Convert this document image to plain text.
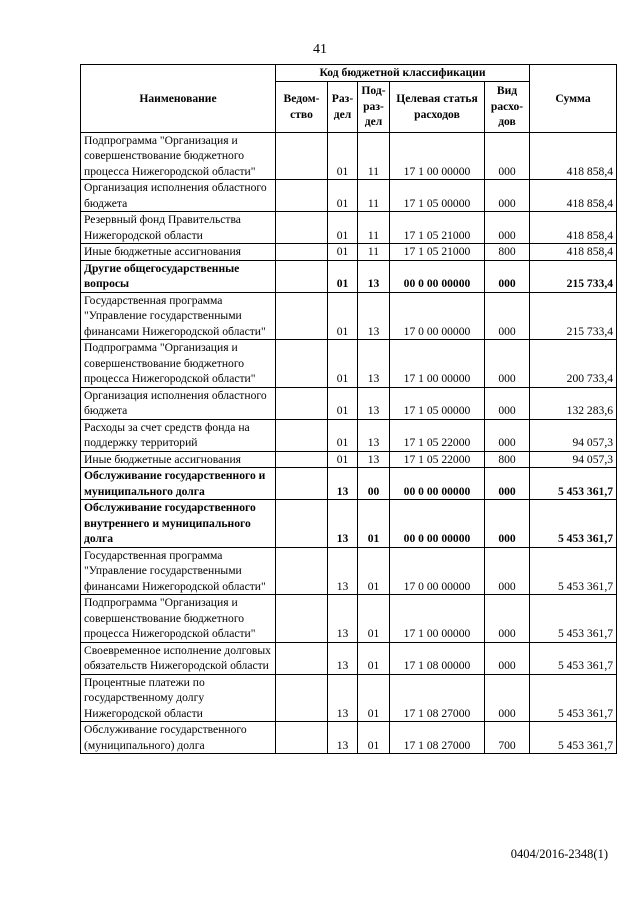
41
Наименование	Код бюджетной классификации					Сумма
	Ведом-ство	Раз-дел	Под-раз-дел	Целевая статья расходов	Вид расхо-дов	
Подпрограмма "Организация и совершенствование бюджетного процесса Нижегородской области"		01	11	17 1 00 00000	000	418 858,4
Организация исполнения областного бюджета		01	11	17 1 05 00000	000	418 858,4
Резервный фонд Правительства Нижегородской области		01	11	17 1 05 21000	000	418 858,4
Иные бюджетные ассигнования		01	11	17 1 05 21000	800	418 858,4
Другие общегосударственные вопросы		01	13	00 0 00 00000	000	215 733,4
Государственная программа "Управление государственными финансами Нижегородской области"		01	13	17 0 00 00000	000	215 733,4
Подпрограмма "Организация и совершенствование бюджетного процесса Нижегородской области"		01	13	17 1 00 00000	000	200 733,4
Организация исполнения областного бюджета		01	13	17 1 05 00000	000	132 283,6
Расходы за счет средств фонда на поддержку территорий		01	13	17 1 05 22000	000	94 057,3
Иные бюджетные ассигнования		01	13	17 1 05 22000	800	94 057,3
Обслуживание государственного и муниципального долга		13	00	00 0 00 00000	000	5 453 361,7
Обслуживание государственного внутреннего и муниципального долга		13	01	00 0 00 00000	000	5 453 361,7
Государственная программа "Управление государственными финансами Нижегородской области"		13	01	17 0 00 00000	000	5 453 361,7
Подпрограмма "Организация и совершенствование бюджетного процесса Нижегородской области"		13	01	17 1 00 00000	000	5 453 361,7
Своевременное исполнение долговых обязательств Нижегородской области		13	01	17 1 08 00000	000	5 453 361,7
Процентные платежи по государственному долгу Нижегородской области		13	01	17 1 08 27000	000	5 453 361,7
Обслуживание государственного (муниципального) долга		13	01	17 1 08 27000	700	5 453 361,7
0404/2016-2348(1)
